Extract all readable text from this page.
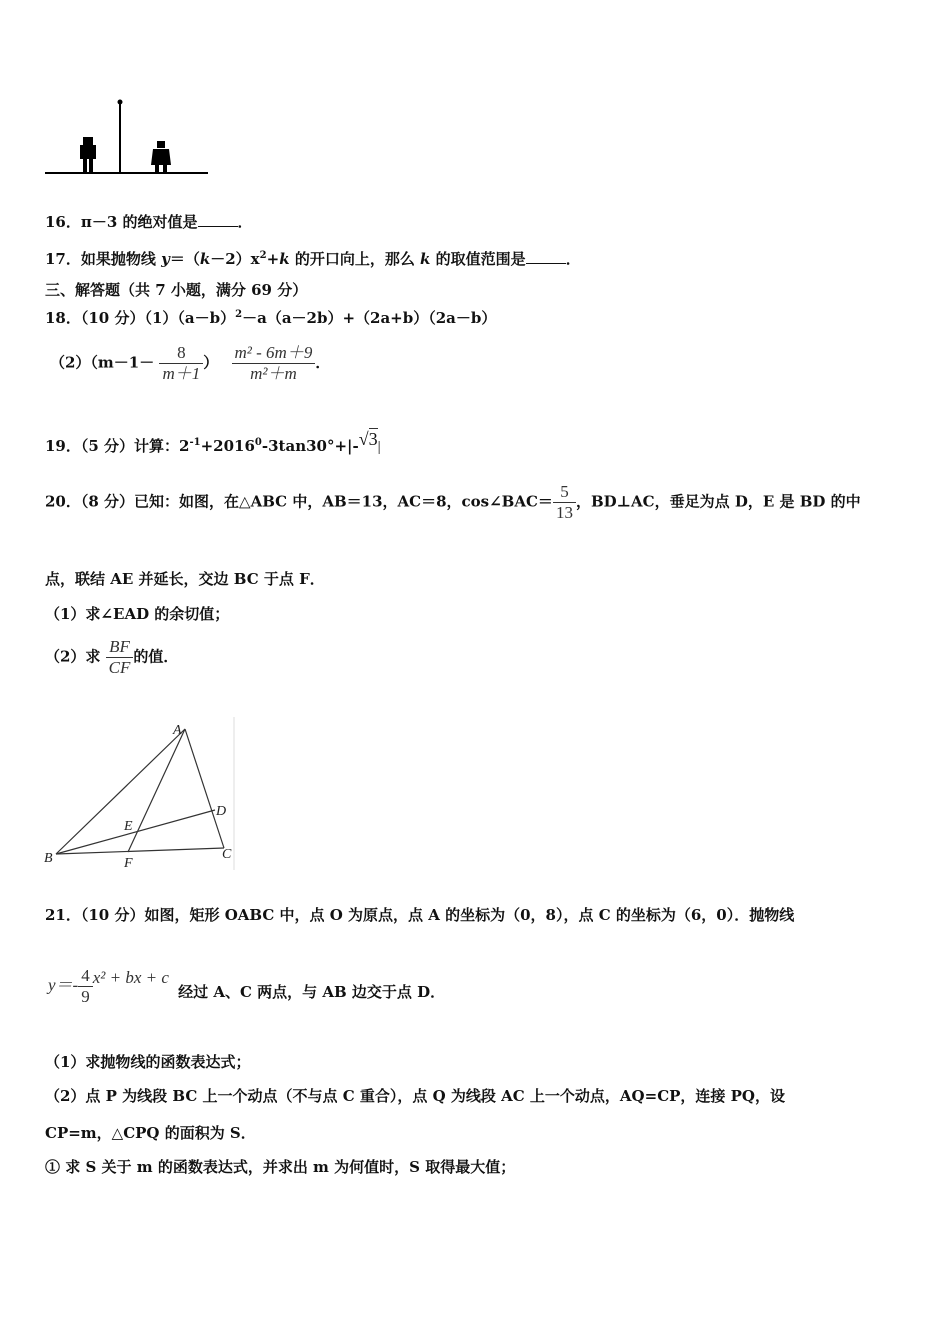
16．π－3 的绝对值是	．
17．如果抛物线 $y=(k-2)x^2+k$ 的开口向上，那么 k 的取值范围是	．
三、解答题（共 7 小题，满分 69 分）
18．（10 分）$(1)(a-b)^2-a(a-2b)+(2a+b)(2a-b)$
$(2)(m-1- \frac{8}{m+1}$ ） $\frac{\text{m² - 6m＋9}}{\text{m²＋m}}$ ．
19．（5 分）计算：$2^{-1}+2016^0-3\tan 30^\circ+|-√3|$
20．（8 分）已知：如图，在△ABC 中，AB＝13，AC＝8，cos∠BAC＝ $\frac{5}{13}$ ，BD⊥AC，垂足为点 D，E 是 BD 的中
点，联结 AE 并延长，交边 BC 于点 F．
（1）求∠EAD 的余切值；
（2）求 $\frac{BF}{CF}$ 的值．
A
B	C
D
E
F
21．（10 分）如图，矩形 OABC 中，点 O 为原点，点 A 的坐标为（0，8），点 C 的坐标为（6，0）．抛物线
$y=- \frac{4}{9} x^2$ + bx + c 经过 A、C 两点，与 AB 边交于点 D．
（1）求抛物线的函数表达式；
（2）点 P 为线段 BC 上一个动点（不与点 C 重合），点 Q 为线段 AC 上一个动点，AQ=CP，连接 PQ，设
CP=m，△CPQ 的面积为 S．
① 求 S 关于 m 的函数表达式，并求出 m 为何值时，S 取得最大值；
